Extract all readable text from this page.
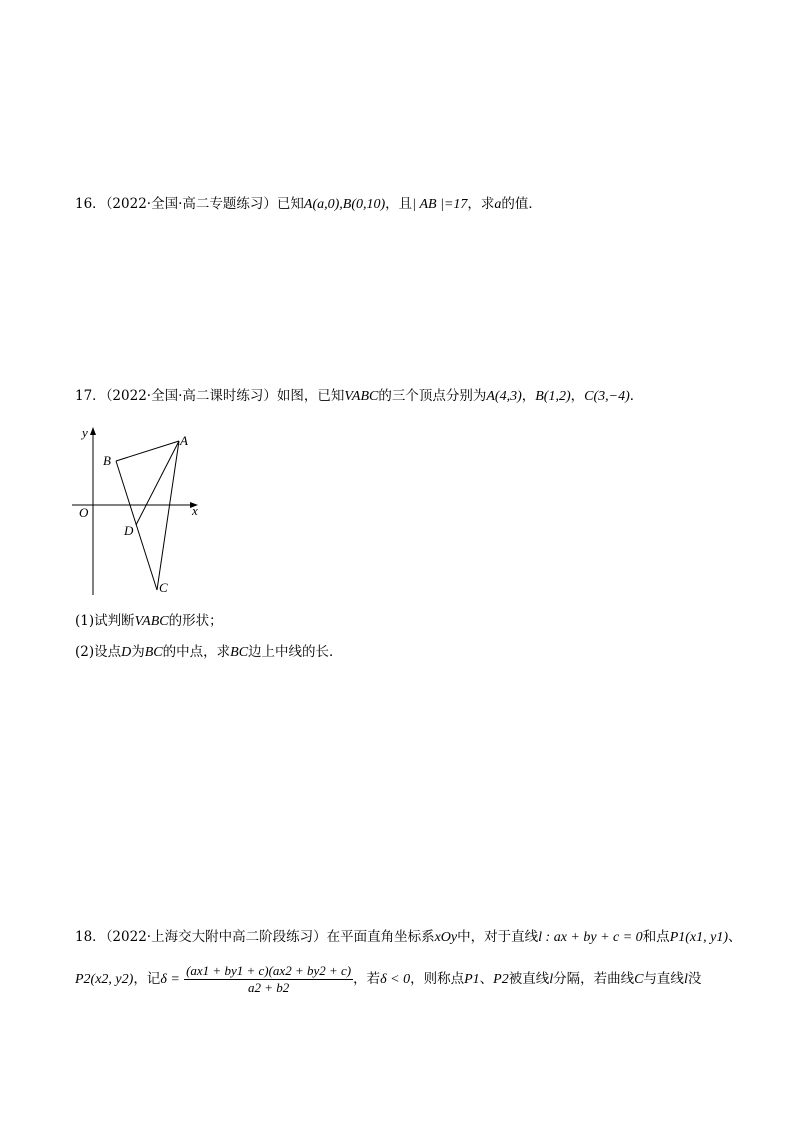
16．（2022·全国·高二专题练习）已知A(a,0),B(0,10)，且| AB |=17，求a的值．
17．（2022·全国·高二课时练习）如图，已知VABC的三个顶点分别为A(4,3)，B(1,2)，C(3,−4)．
y
x
O
A
B
C
D
(1)试判断VABC的形状；
(2)设点D为BC的中点，求BC边上中线的长．
18．（2022·上海交大附中高二阶段练习）在平面直角坐标系xOy中，对于直线l : ax + by + c = 0和点P1(x1, y1)、
P2(x2, y2)，记$\delta = \frac{(ax1 + by1 + c)(ax2 + by2 + c)}{a2 + b2}$ ，若δ < 0，则称点P1、P2被直线l分隔，若曲线C与直线l没
